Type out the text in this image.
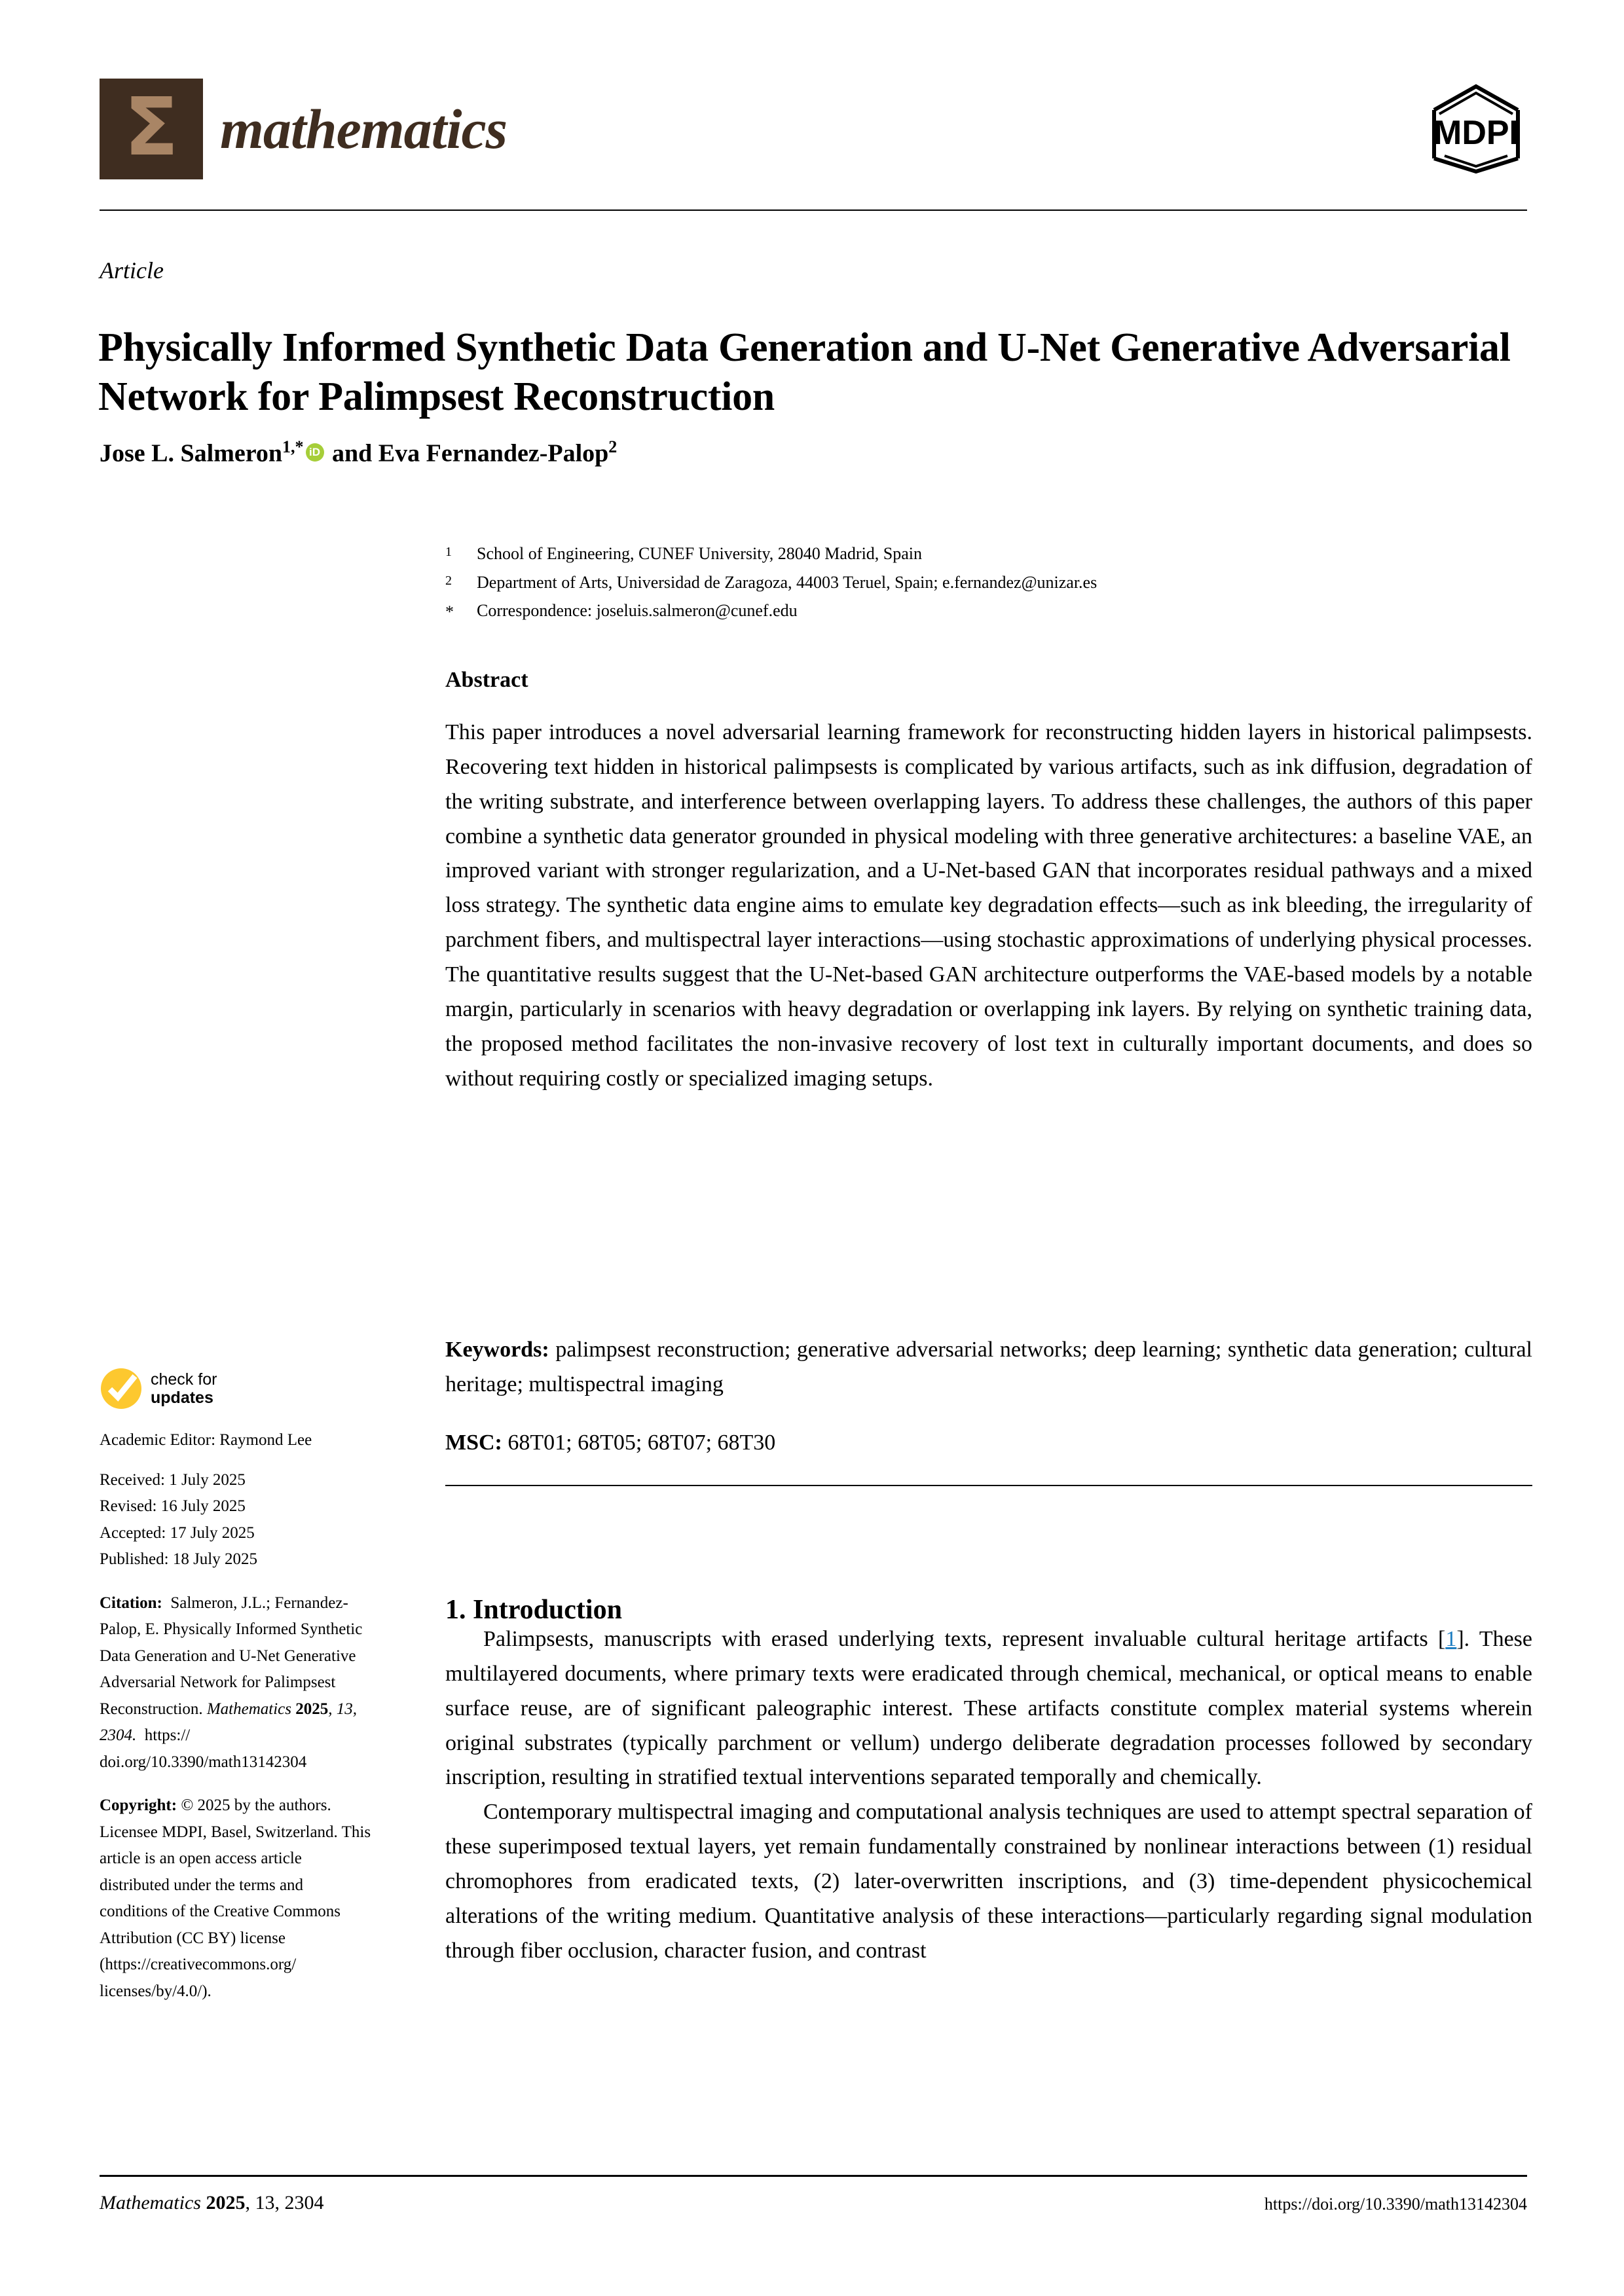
Σ mathematics	MDPI
Article
Physically Informed Synthetic Data Generation and U-Net Generative Adversarial Network for Palimpsest Reconstruction
Jose L. Salmeron$^{1,*}$ iD and Eva Fernandez-Palop$^2$
1	School of Engineering, CUNEF University, 28040 Madrid, Spain
2	Department of Arts, Universidad de Zaragoza, 44003 Teruel, Spain; e.fernandez@unizar.es
*	Correspondence: joseluis.salmeron@cunef.edu
Abstract
This paper introduces a novel adversarial learning framework for reconstructing hidden layers in historical palimpsests. Recovering text hidden in historical palimpsests is complicated by various artifacts, such as ink diffusion, degradation of the writing substrate, and interference between overlapping layers. To address these challenges, the authors of this paper combine a synthetic data generator grounded in physical modeling with three generative architectures: a baseline VAE, an improved variant with stronger regularization, and a U-Net-based GAN that incorporates residual pathways and a mixed loss strategy. The synthetic data engine aims to emulate key degradation effects—such as ink bleeding, the irregularity of parchment fibers, and multispectral layer interactions—using stochastic approximations of underlying physical processes. The quantitative results suggest that the U-Net-based GAN architecture outperforms the VAE-based models by a notable margin, particularly in scenarios with heavy degradation or overlapping ink layers. By relying on synthetic training data, the proposed method facilitates the non-invasive recovery of lost text in culturally important documents, and does so without requiring costly or specialized imaging setups.
Keywords: palimpsest reconstruction; generative adversarial networks; deep learning; synthetic data generation; cultural heritage; multispectral imaging
MSC: 68T01; 68T05; 68T07; 68T30
1. Introduction

Palimpsests, manuscripts with erased underlying texts, represent invaluable cultural heritage artifacts [1]. These multilayered documents, where primary texts were eradicated through chemical, mechanical, or optical means to enable surface reuse, are of significant paleographic interest. These artifacts constitute complex material systems wherein original substrates (typically parchment or vellum) undergo deliberate degradation processes followed by secondary inscription, resulting in stratified textual interventions separated temporally and chemically.

Contemporary multispectral imaging and computational analysis techniques are used to attempt spectral separation of these superimposed textual layers, yet remain fundamentally constrained by nonlinear interactions between (1) residual chromophores from eradicated texts, (2) later-overwritten inscriptions, and (3) time-dependent physicochemical alterations of the writing medium. Quantitative analysis of these interactions—particularly regarding signal modulation through fiber occlusion, character fusion, and contrast

check for
updates
Academic Editor: Raymond Lee
Received: 1 July 2025
Revised: 16 July 2025
Accepted: 17 July 2025
Published: 18 July 2025
Citation: Salmeron, J.L.; Fernandez-Palop, E. Physically Informed Synthetic Data Generation and U-Net Generative Adversarial Network for Palimpsest Reconstruction. Mathematics 2025, 13, 2304. https:// doi.org/10.3390/math13142304
Copyright: © 2025 by the authors. Licensee MDPI, Basel, Switzerland. This article is an open access article distributed under the terms and conditions of the Creative Commons Attribution (CC BY) license (https://creativecommons.org/ licenses/by/4.0/).
Mathematics 2025, 13, 2304	https://doi.org/10.3390/math13142304
